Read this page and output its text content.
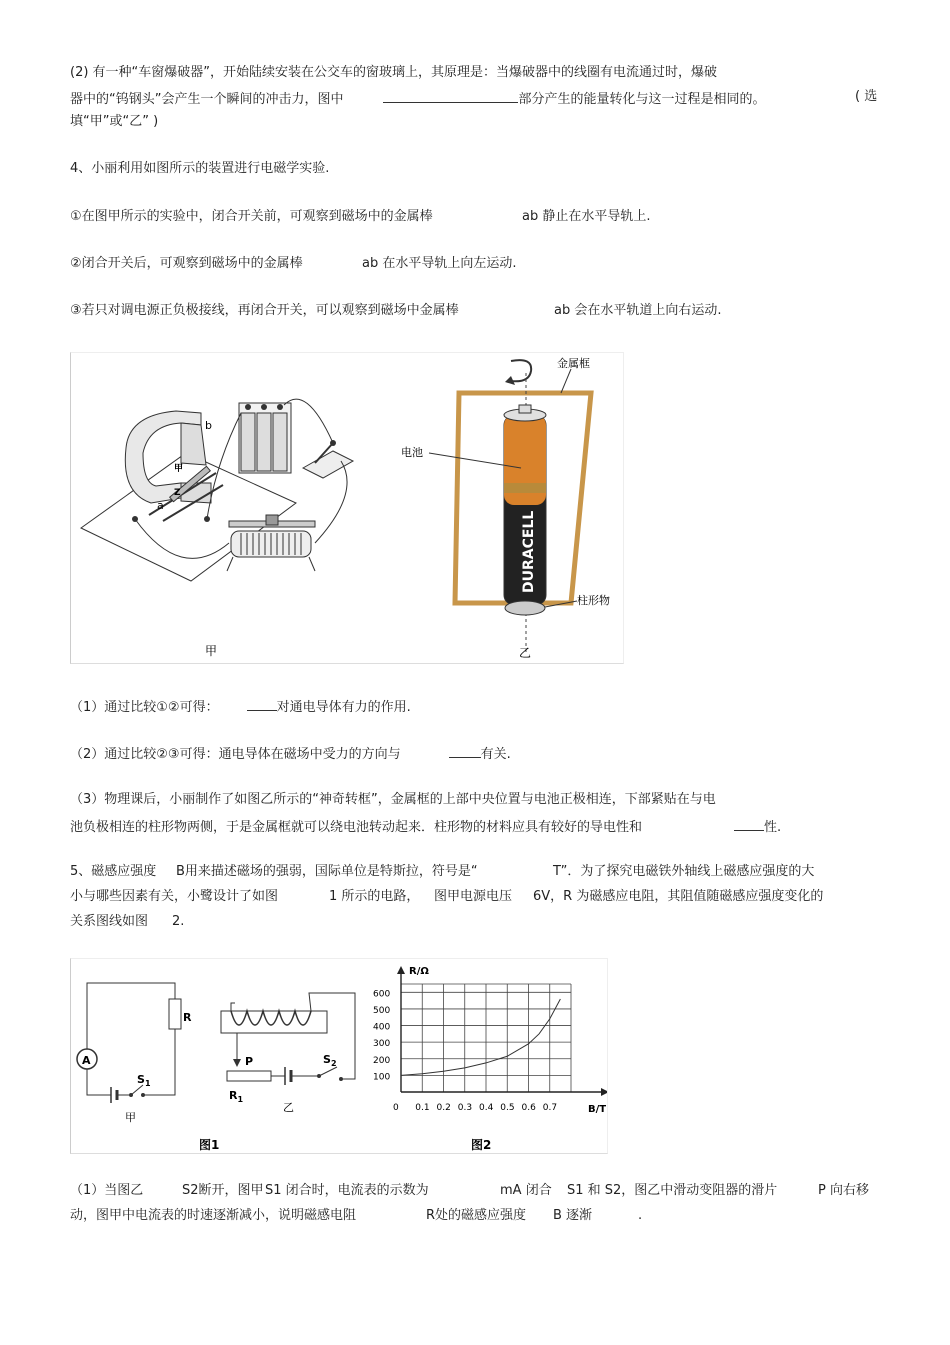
(2) 有一种“车窗爆破器”，开始陆续安装在公交车的窗玻璃上，其原理是：当爆破器中的线圈有电流通过时，爆破
器中的“钨钢头”会产生一个瞬间的冲击力，图中	部分产生的能量转化与这一过程是相同的。	( 选
填“甲”或“乙” )
4、小丽利用如图所示的装置进行电磁学实验.
①在图甲所示的实验中，闭合开关前，可观察到磁场中的金属棒	ab 静止在水平导轨上.
②闭合开关后，可观察到磁场中的金属棒	ab 在水平导轨上向左运动.
③若只对调电源正负极接线，再闭合开关，可以观察到磁场中金属棒	ab 会在水平轨道上向右运动.
b
a
甲
Z
甲
DURACELL
金属框
电池
柱形物
乙
（1）通过比较①②可得：	对通电导体有力的作用.
（2）通过比较②③可得：通电导体在磁场中受力的方向与	有关.
（3）物理课后，小丽制作了如图乙所示的“神奇转框”，金属框的上部中央位置与电池正极相连，下部紧贴在与电
池负极相连的柱形物两侧，于是金属框就可以绕电池转动起来．柱形物的材料应具有较好的导电性和	性.
5、磁感应强度 B用来描述磁场的强弱，国际单位是特斯拉，符号是“	T”．为了探究电磁铁外轴线上磁感应强度的大
小与哪些因素有关，小鹭设计了如图	1 所示的电路， 图甲电源电压 6V，R 为磁感应电阻，其阻值随磁感应强度变化的
关系图线如图 2.
A
R
$S_1$
甲
P
$R_1$
$S_2$
乙
图1
R/Ω
B/T
0 0.1 0.2 0.3 0.4 0.5 0.6 0.7
100
200
300
400
500
600
图2
（1）当图乙	S2断开，图甲 S1 闭合时，电流表的示数为	mA 闭合 S1 和 S2，图乙中滑动变阻器的滑片	P 向右移
动，图甲中电流表的时速逐渐减小，说明磁感电阻	R处的磁感应强度 B 逐渐	.
